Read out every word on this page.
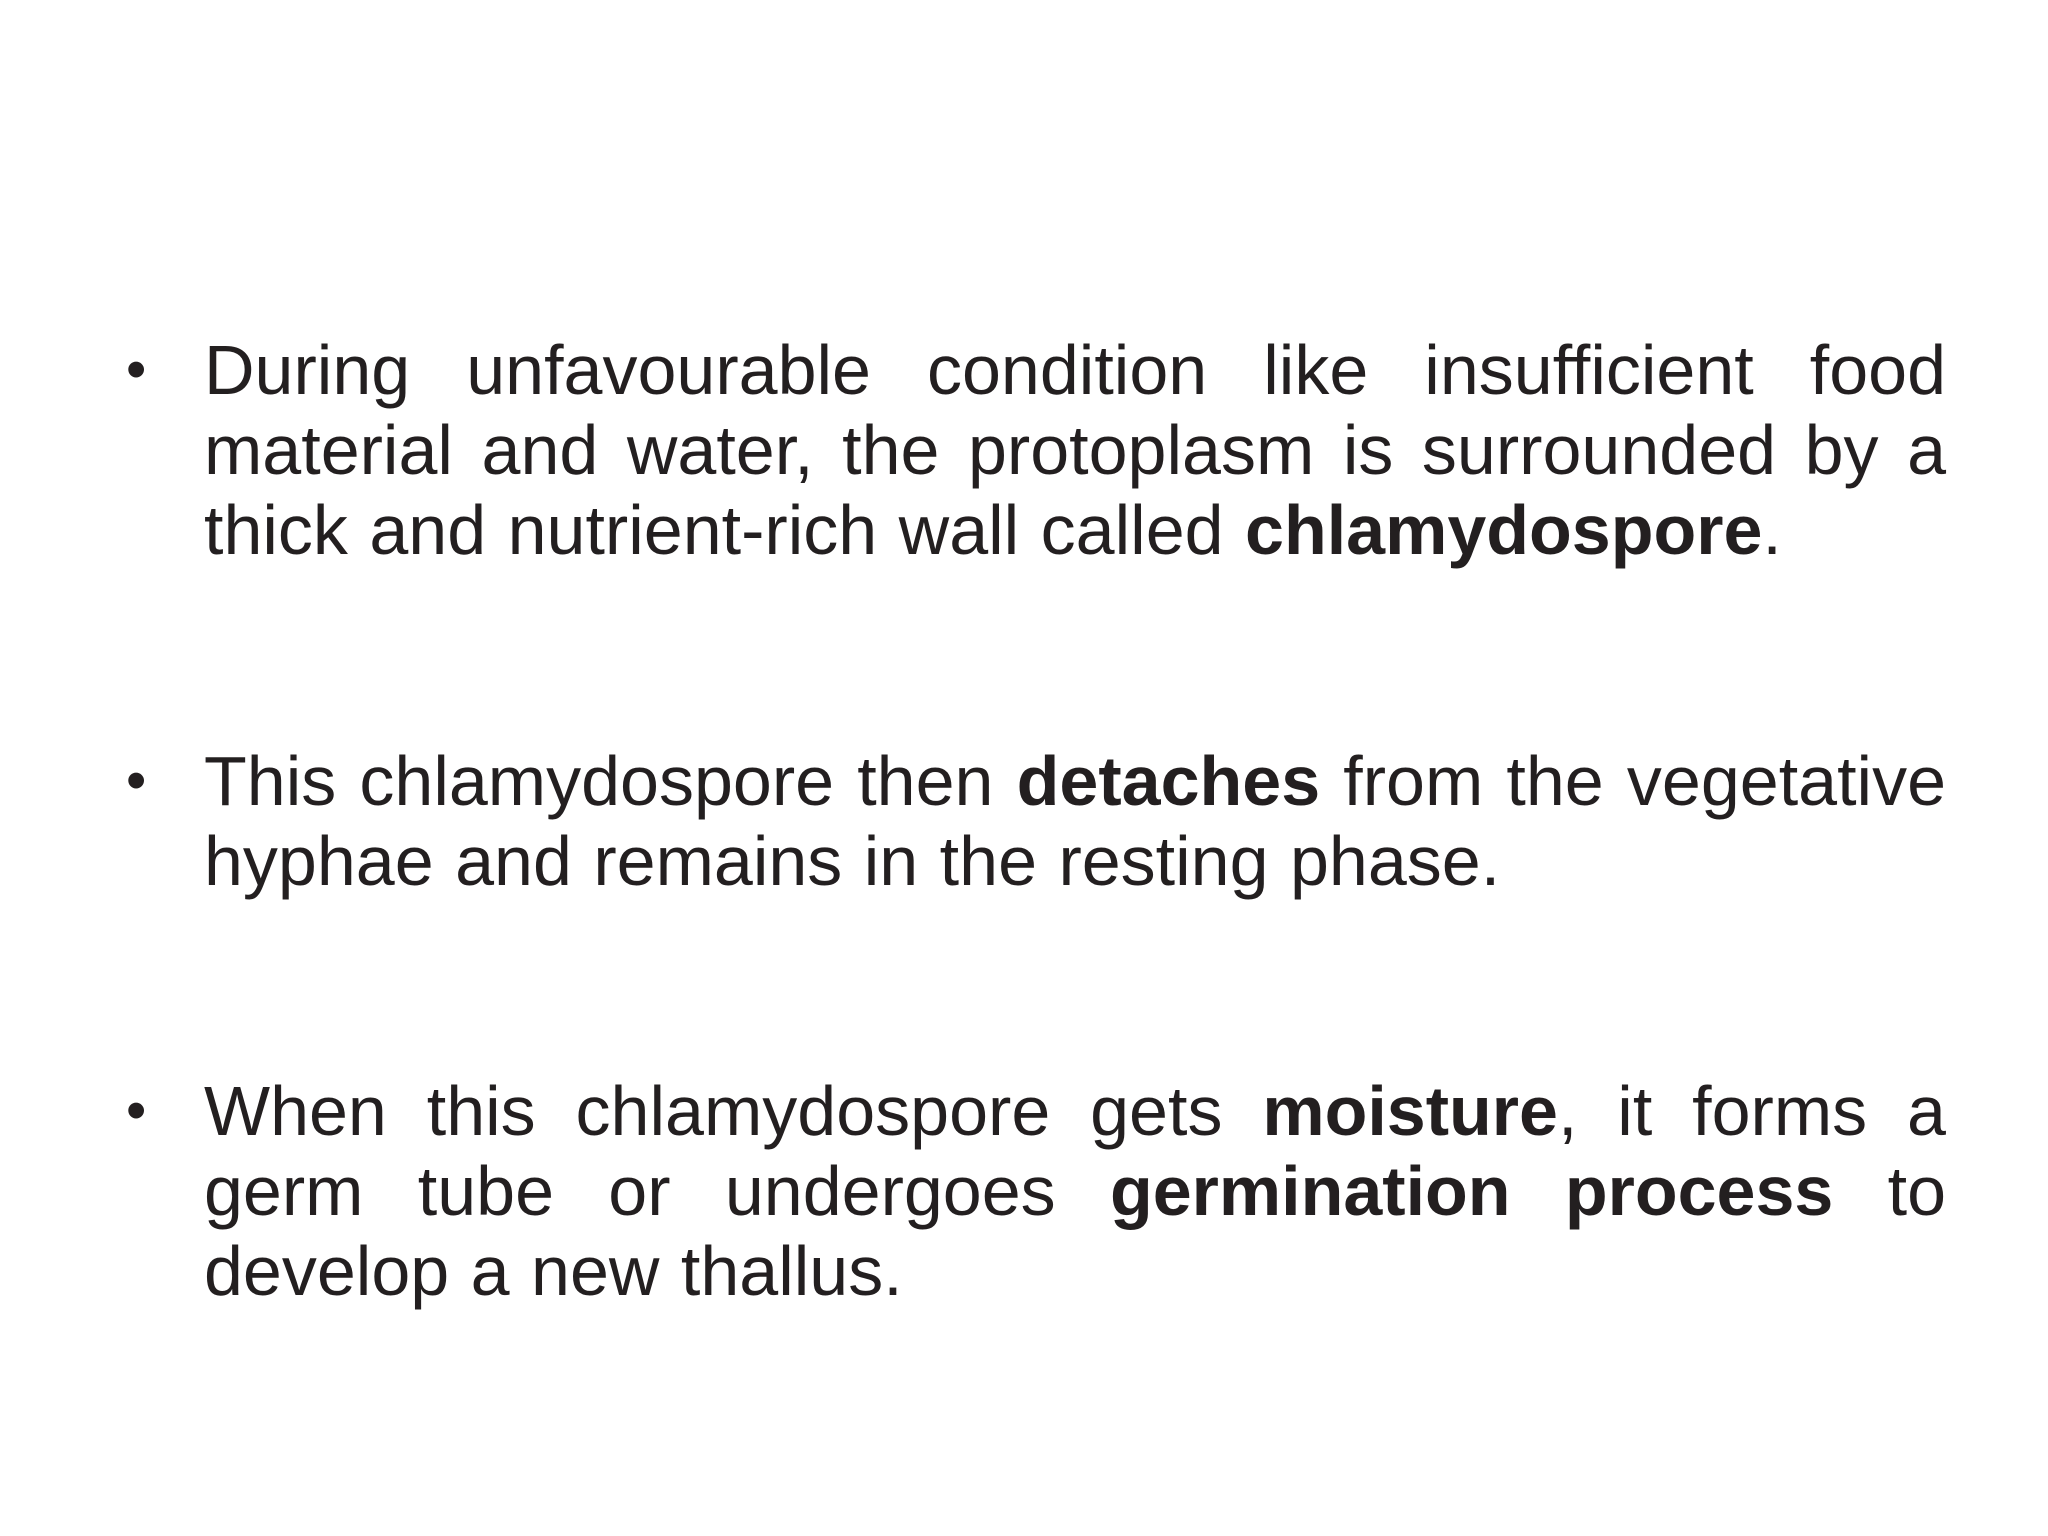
• During unfavourable condition like insufficient food material and water, the protoplasm is surrounded by a thick and nutrient-rich wall called chlamydospore.

• This chlamydospore then detaches from the vegetative hyphae and remains in the resting phase.

• When this chlamydospore gets moisture, it forms a germ tube or undergoes germination process to develop a new thallus.
